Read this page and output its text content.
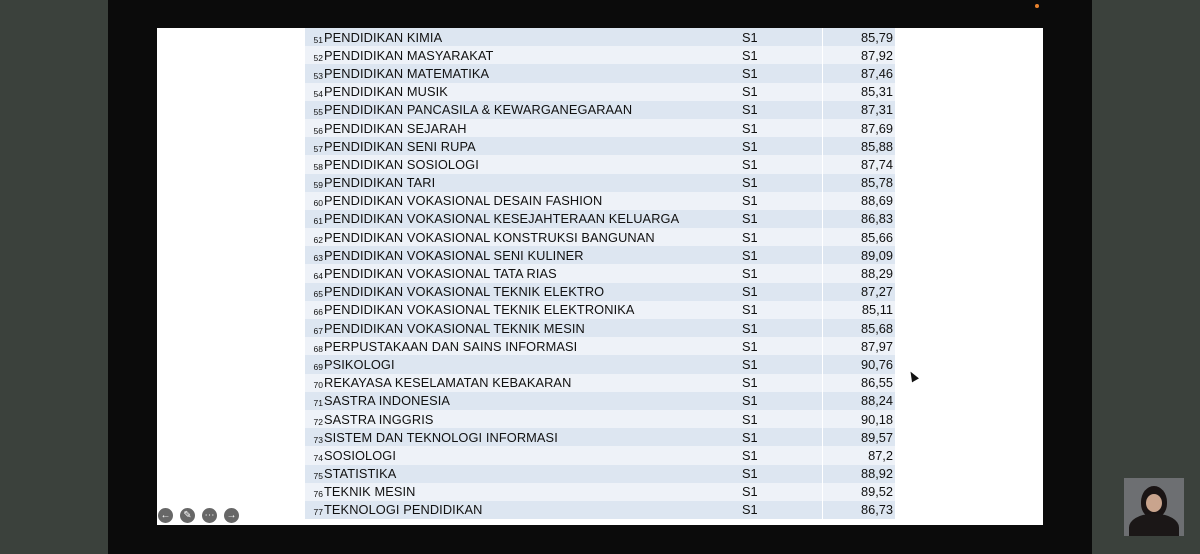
51 PENDIDIKAN KIMIA	S1	85,79
52 PENDIDIKAN MASYARAKAT	S1	87,92
53 PENDIDIKAN MATEMATIKA	S1	87,46
54 PENDIDIKAN MUSIK	S1	85,31
55 PENDIDIKAN PANCASILA & KEWARGANEGARAAN	S1	87,31
56 PENDIDIKAN SEJARAH	S1	87,69
57 PENDIDIKAN SENI RUPA	S1	85,88
58 PENDIDIKAN SOSIOLOGI	S1	87,74
59 PENDIDIKAN TARI	S1	85,78
60 PENDIDIKAN VOKASIONAL DESAIN FASHION	S1	88,69
61 PENDIDIKAN VOKASIONAL KESEJAHTERAAN KELUARGA	S1	86,83
62 PENDIDIKAN VOKASIONAL KONSTRUKSI BANGUNAN	S1	85,66
63 PENDIDIKAN VOKASIONAL SENI KULINER	S1	89,09
64 PENDIDIKAN VOKASIONAL TATA RIAS	S1	88,29
65 PENDIDIKAN VOKASIONAL TEKNIK ELEKTRO	S1	87,27
66 PENDIDIKAN VOKASIONAL TEKNIK ELEKTRONIKA	S1	85,11
67 PENDIDIKAN VOKASIONAL TEKNIK MESIN	S1	85,68
68 PERPUSTAKAAN DAN SAINS INFORMASI	S1	87,97
69 PSIKOLOGI	S1	90,76
70 REKAYASA KESELAMATAN KEBAKARAN	S1	86,55
71 SASTRA INDONESIA	S1	88,24
72 SASTRA INGGRIS	S1	90,18
73 SISTEM DAN TEKNOLOGI INFORMASI	S1	89,57
74 SOSIOLOGI	S1	87,2
75 STATISTIKA	S1	88,92
76 TEKNIK MESIN	S1	89,52
77 TEKNOLOGI PENDIDIKAN	S1	86,73
←	✎	⋯ →
